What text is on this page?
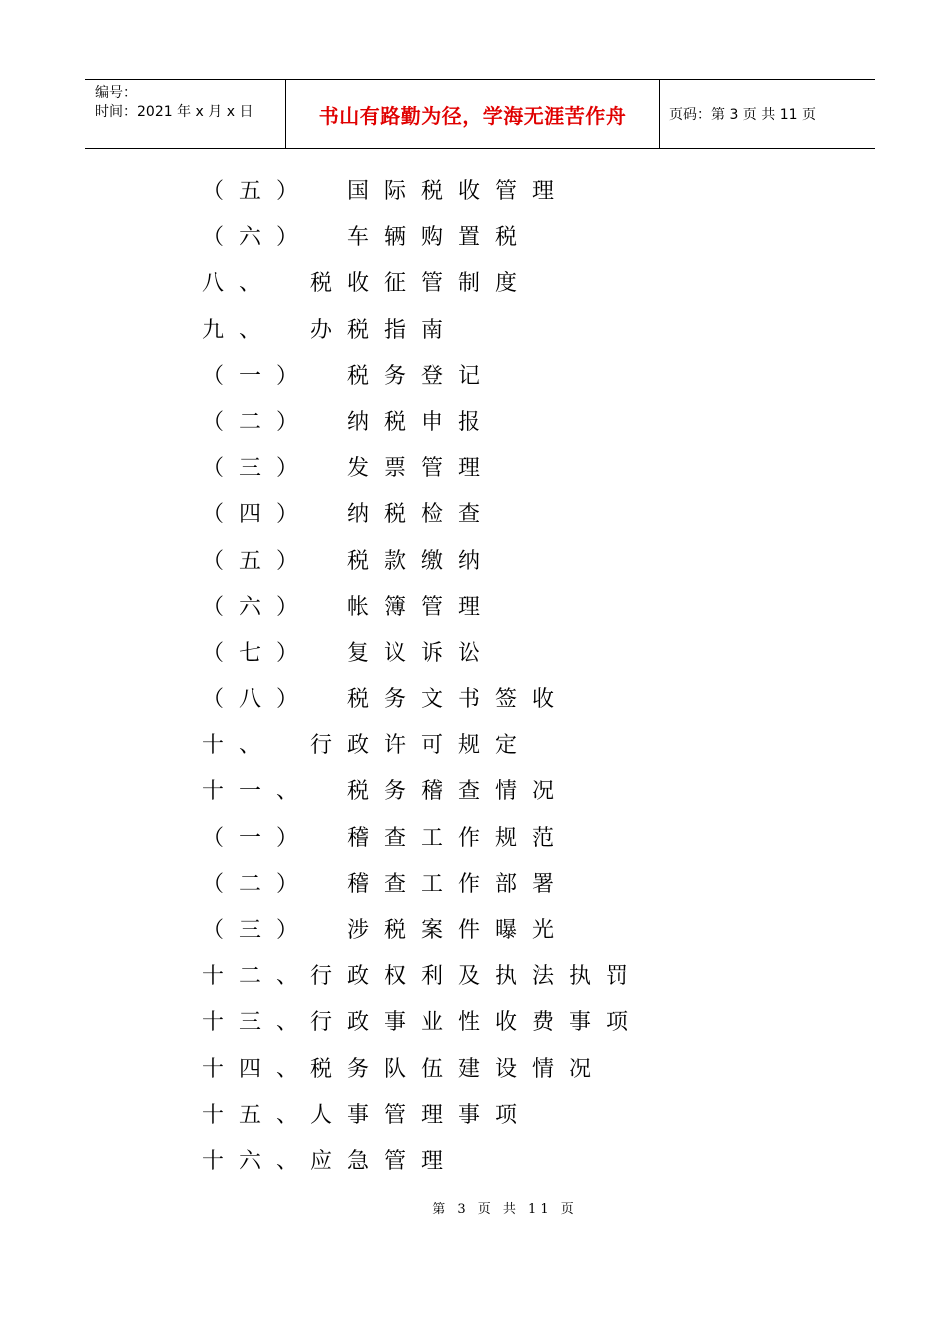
编号：
时间：2021 年 x 月 x 日	书山有路勤为径，学海无涯苦作舟	页码：第 3 页 共 11 页
（五） 国际税收管理
（六） 车辆购置税
八、 税收征管制度
九、 办税指南
（一） 税务登记
（二） 纳税申报
（三） 发票管理
（四） 纳税检查
（五） 税款缴纳
（六） 帐簿管理
（七） 复议诉讼
（八） 税务文书签收
十、 行政许可规定
十一、 税务稽查情况
（一） 稽查工作规范
（二） 稽查工作部署
（三） 涉税案件曝光
十二、
行政权利及执法执罚
十三、
行政事业性收费事项
十四、
税务队伍建设情况
十五、
人事管理事项
十六、
应急管理
第 3 页 共 11 页
